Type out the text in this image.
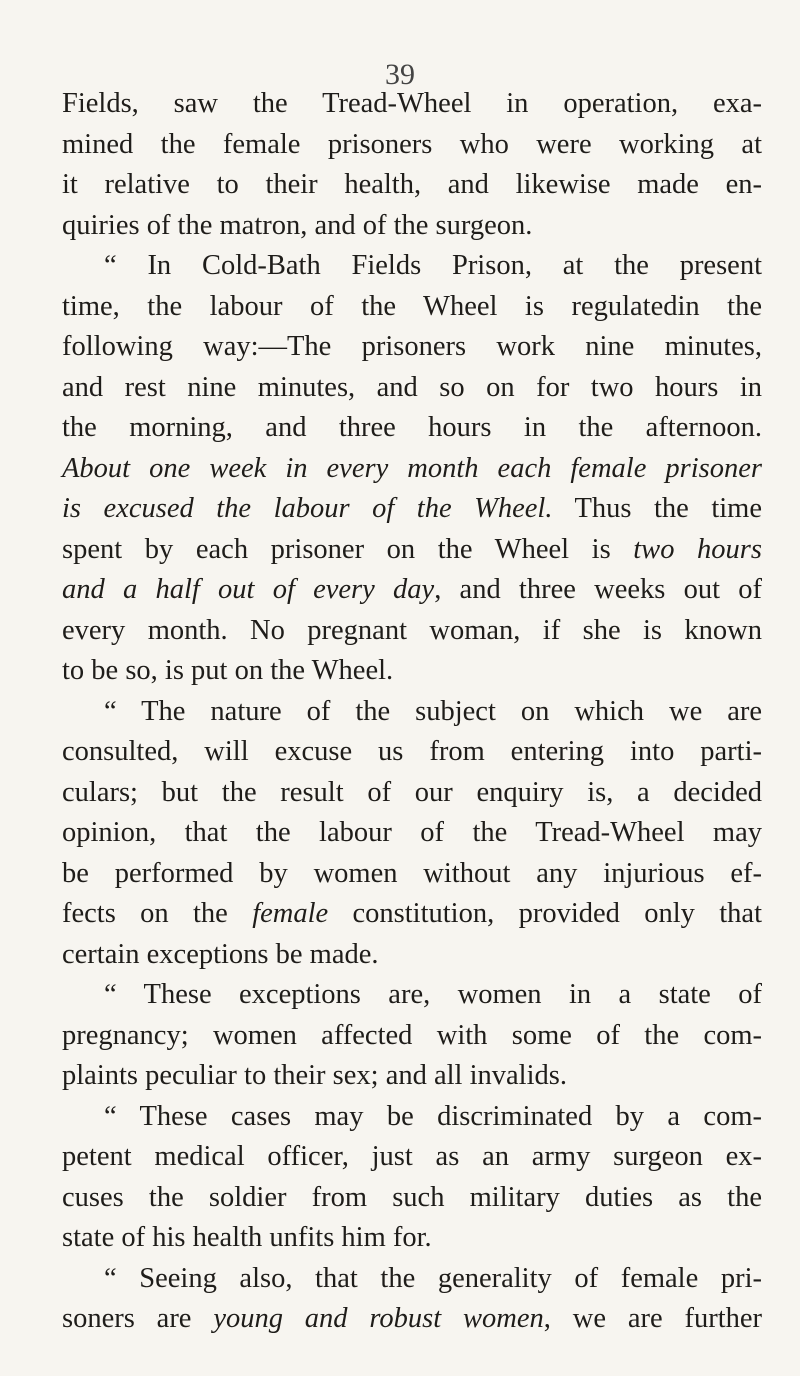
39
Fields, saw the Tread-Wheel in operation, exa-
mined the female prisoners who were working at
it relative to their health, and likewise made en-
quiries of the matron, and of the surgeon.
“ In Cold-Bath Fields Prison, at the present
time, the labour of the Wheel is regulatedin the
following way:—The prisoners work nine minutes,
and rest nine minutes, and so on for two hours in
the morning, and three hours in the afternoon.
About one week in every month each female prisoner
is excused the labour of the Wheel. Thus the time
spent by each prisoner on the Wheel is two hours
and a half out of every day, and three weeks out of
every month. No pregnant woman, if she is known
to be so, is put on the Wheel.
“ The nature of the subject on which we are
consulted, will excuse us from entering into parti-
culars; but the result of our enquiry is, a decided
opinion, that the labour of the Tread-Wheel may
be performed by women without any injurious ef-
fects on the female constitution, provided only that
certain exceptions be made.
“ These exceptions are, women in a state of
pregnancy; women affected with some of the com-
plaints peculiar to their sex; and all invalids.
“ These cases may be discriminated by a com-
petent medical officer, just as an army surgeon ex-
cuses the soldier from such military duties as the
state of his health unfits him for.
“ Seeing also, that the generality of female pri-
soners are young and robust women, we are further
